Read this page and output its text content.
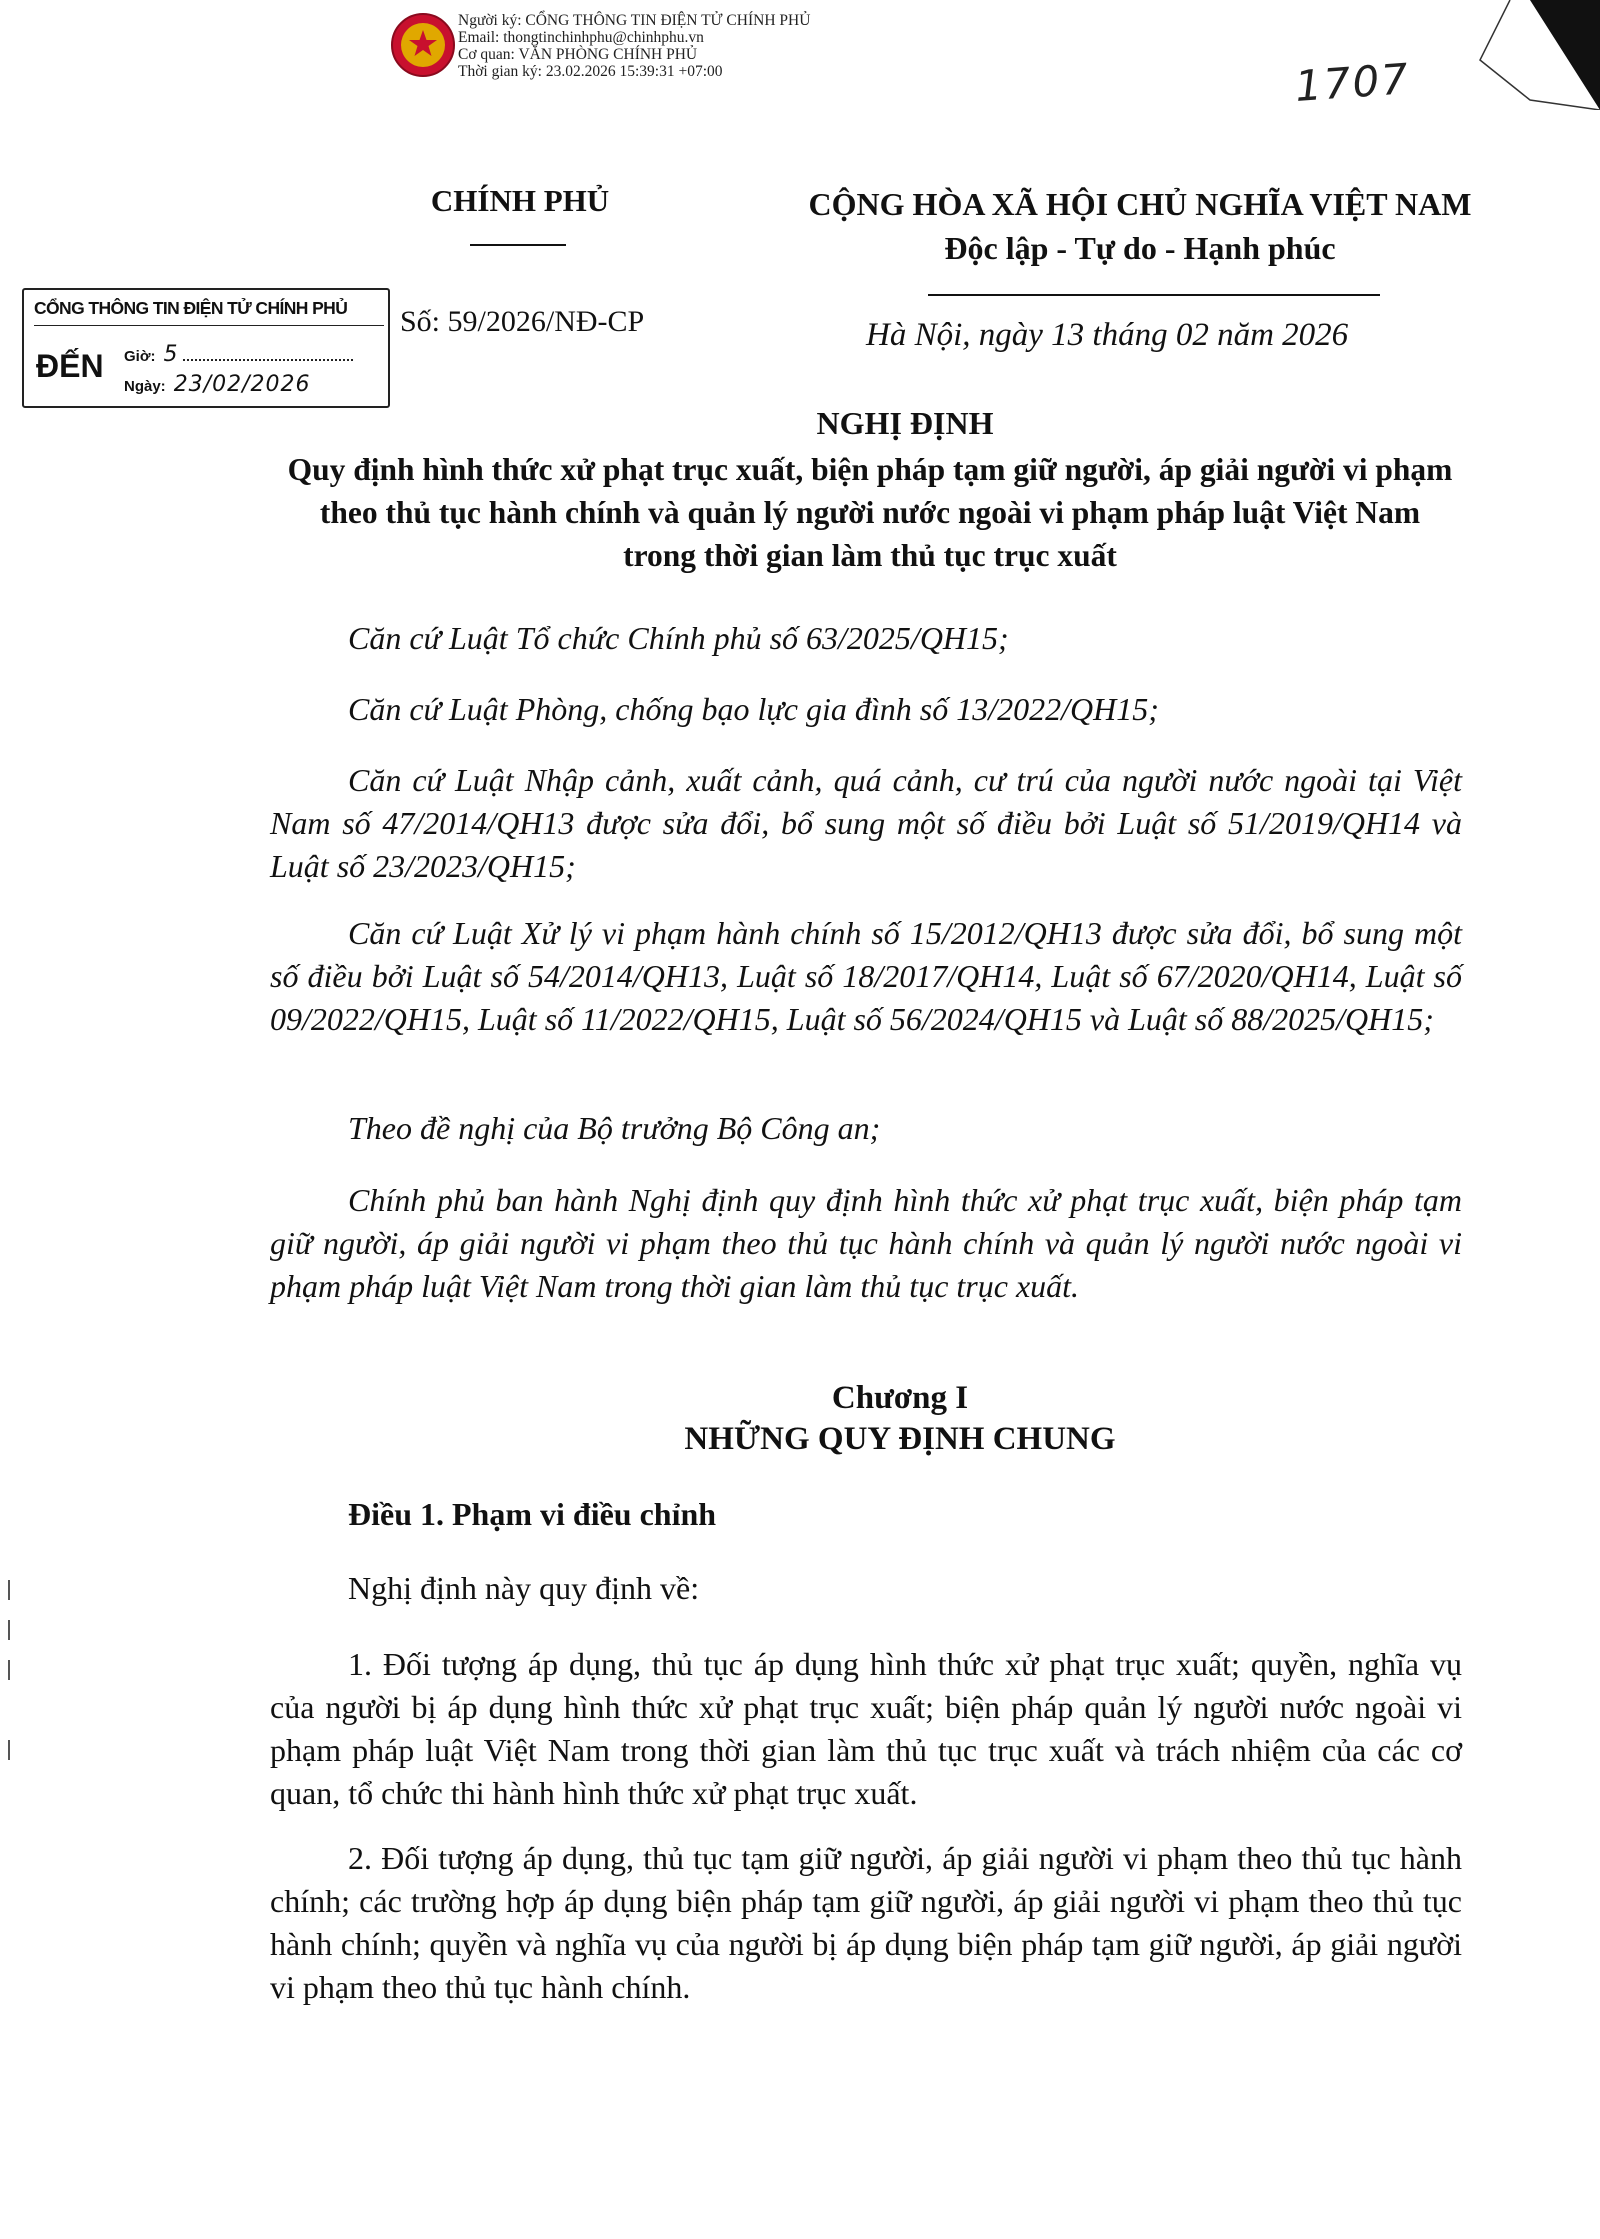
Người ký: CỔNG THÔNG TIN ĐIỆN TỬ CHÍNH PHỦ
Email: thongtinchinhphu@chinhphu.vn
Cơ quan: VĂN PHÒNG CHÍNH PHỦ
Thời gian ký: 23.02.2026 15:39:31 +07:00	1707
CHÍNH PHỦ	CỘNG HÒA XÃ HỘI CHỦ NGHĨA VIỆT NAM
Độc lập - Tự do - Hạnh phúc
CỔNG THÔNG TIN ĐIỆN TỬ CHÍNH PHỦ
ĐẾN Giờ: 5
Ngày: 23/02/2026
Số: 59/2026/NĐ-CP	Hà Nội, ngày 13 tháng 02 năm 2026
NGHỊ ĐỊNH
Quy định hình thức xử phạt trục xuất, biện pháp tạm giữ người, áp giải người vi phạm theo thủ tục hành chính và quản lý người nước ngoài vi phạm pháp luật Việt Nam trong thời gian làm thủ tục trục xuất
Căn cứ Luật Tổ chức Chính phủ số 63/2025/QH15;
Căn cứ Luật Phòng, chống bạo lực gia đình số 13/2022/QH15;
Căn cứ Luật Nhập cảnh, xuất cảnh, quá cảnh, cư trú của người nước ngoài tại Việt Nam số 47/2014/QH13 được sửa đổi, bổ sung một số điều bởi Luật số 51/2019/QH14 và Luật số 23/2023/QH15;
Căn cứ Luật Xử lý vi phạm hành chính số 15/2012/QH13 được sửa đổi, bổ sung một số điều bởi Luật số 54/2014/QH13, Luật số 18/2017/QH14, Luật số 67/2020/QH14, Luật số 09/2022/QH15, Luật số 11/2022/QH15, Luật số 56/2024/QH15 và Luật số 88/2025/QH15;
Theo đề nghị của Bộ trưởng Bộ Công an;
Chính phủ ban hành Nghị định quy định hình thức xử phạt trục xuất, biện pháp tạm giữ người, áp giải người vi phạm theo thủ tục hành chính và quản lý người nước ngoài vi phạm pháp luật Việt Nam trong thời gian làm thủ tục trục xuất.
Chương I
NHỮNG QUY ĐỊNH CHUNG
Điều 1. Phạm vi điều chỉnh
Nghị định này quy định về:
1. Đối tượng áp dụng, thủ tục áp dụng hình thức xử phạt trục xuất; quyền, nghĩa vụ của người bị áp dụng hình thức xử phạt trục xuất; biện pháp quản lý người nước ngoài vi phạm pháp luật Việt Nam trong thời gian làm thủ tục trục xuất và trách nhiệm của các cơ quan, tổ chức thi hành hình thức xử phạt trục xuất.
2. Đối tượng áp dụng, thủ tục tạm giữ người, áp giải người vi phạm theo thủ tục hành chính; các trường hợp áp dụng biện pháp tạm giữ người, áp giải người vi phạm theo thủ tục hành chính; quyền và nghĩa vụ của người bị áp dụng biện pháp tạm giữ người, áp giải người vi phạm theo thủ tục hành chính.
